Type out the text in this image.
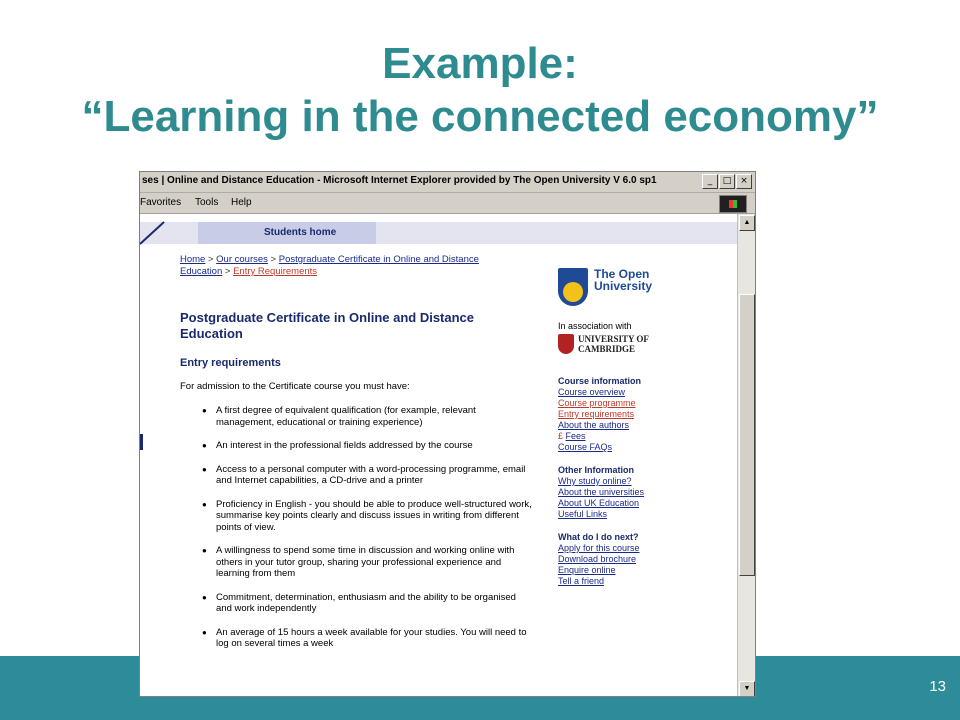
Example:
“Learning in the connected economy”
13
ses | Online and Distance Education - Microsoft Internet Explorer provided by The Open University V 6.0 sp1	_	□ ×
Favorites Tools Help
Students home
Home > Our courses > Postgraduate Certificate in Online and Distance Education > Entry Requirements
Postgraduate Certificate in Online and Distance Education
Entry requirements
For admission to the Certificate course you must have:
● A first degree of equivalent qualification (for example, relevant management, educational or training experience)
● An interest in the professional fields addressed by the course
● Access to a personal computer with a word-processing programme, email and Internet capabilities, a CD-drive and a printer
● Proficiency in English - you should be able to produce well-structured work, summarise key points clearly and discuss issues in writing from different points of view.
● A willingness to spend some time in discussion and working online with others in your tutor group, sharing your professional experience and learning from them
● Commitment, determination, enthusiasm and the ability to be organised and work independently
● An average of 15 hours a week available for your studies. You will need to log on several times a week
The Open
University
In association with
UNIVERSITY OF
CAMBRIDGE
Course information
Course overview
Course programme
Entry requirements
About the authors
£ Fees
Course FAQs
Other Information
Why study online?
About the universities
About UK Education
Useful Links
What do I do next?
Apply for this course
Download brochure
Enquire online
Tell a friend
▲
▼
